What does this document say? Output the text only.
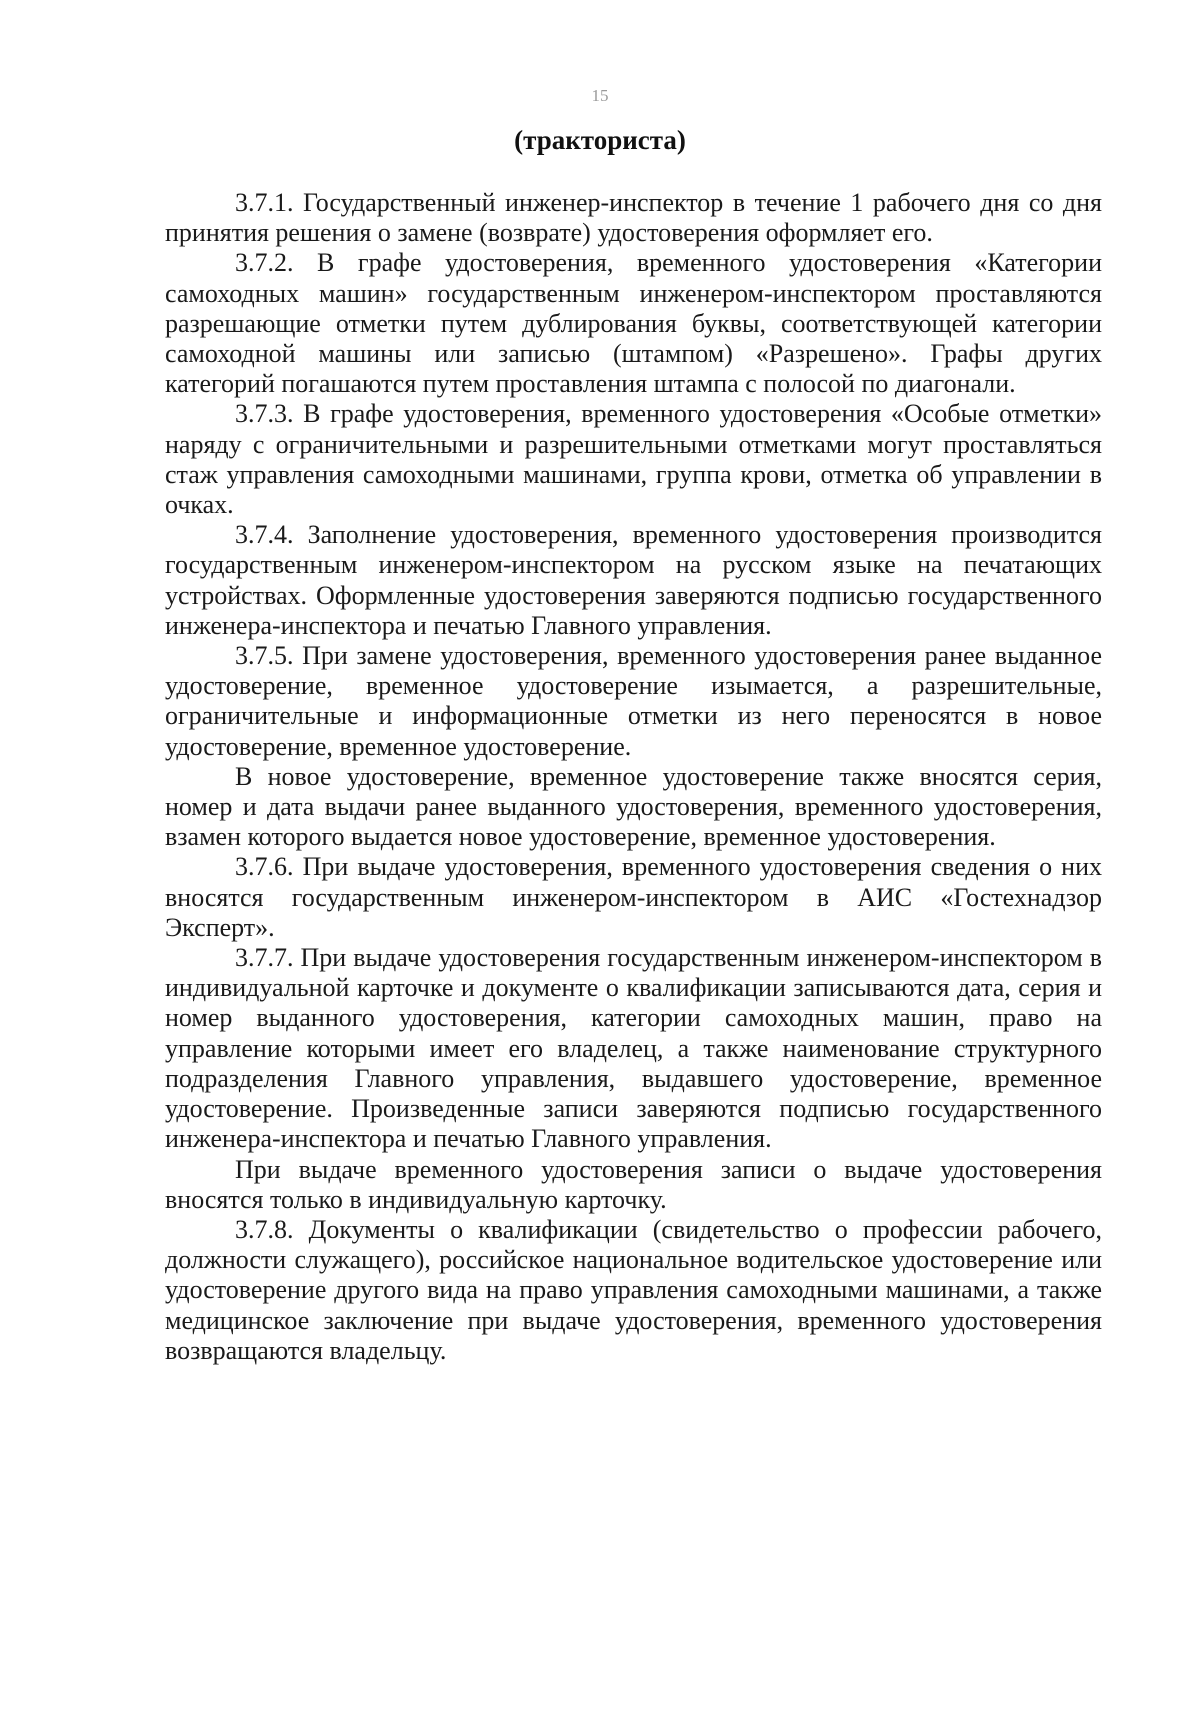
15
(тракториста)

3.7.1. Государственный инженер-инспектор в течение 1 рабочего дня со дня принятия решения о замене (возврате) удостоверения оформляет его.

3.7.2. В графе удостоверения, временного удостоверения «Категории самоходных машин» государственным инженером-инспектором проставляются разрешающие отметки путем дублирования буквы, соответствующей категории самоходной машины или записью (штампом) «Разрешено». Графы других категорий погашаются путем проставления штампа с полосой по диагонали.

3.7.3. В графе удостоверения, временного удостоверения «Особые отметки» наряду с ограничительными и разрешительными отметками могут проставляться стаж управления самоходными машинами, группа крови, отметка об управлении в очках.

3.7.4. Заполнение удостоверения, временного удостоверения производится государственным инженером-инспектором на русском языке на печатающих устройствах. Оформленные удостоверения заверяются подписью государственного инженера-инспектора и печатью Главного управления.

3.7.5. При замене удостоверения, временного удостоверения ранее выданное удостоверение, временное удостоверение изымается, а разрешительные, ограничительные и информационные отметки из него переносятся в новое удостоверение, временное удостоверение.

В новое удостоверение, временное удостоверение также вносятся серия, номер и дата выдачи ранее выданного удостоверения, временного удостоверения, взамен которого выдается новое удостоверение, временное удостоверения.

3.7.6. При выдаче удостоверения, временного удостоверения сведения о них вносятся государственным инженером-инспектором в АИС «Гостехнадзор Эксперт».

3.7.7. При выдаче удостоверения государственным инженером-инспектором в индивидуальной карточке и документе о квалификации записываются дата, серия и номер выданного удостоверения, категории самоходных машин, право на управление которыми имеет его владелец, а также наименование структурного подразделения Главного управления, выдавшего удостоверение, временное удостоверение. Произведенные записи заверяются подписью государственного инженера-инспектора и печатью Главного управления.

При выдаче временного удостоверения записи о выдаче удостоверения вносятся только в индивидуальную карточку.

3.7.8. Документы о квалификации (свидетельство о профессии рабочего, должности служащего), российское национальное водительское удостоверение или удостоверение другого вида на право управления самоходными машинами, а также медицинское заключение при выдаче удостоверения, временного удостоверения возвращаются владельцу.
